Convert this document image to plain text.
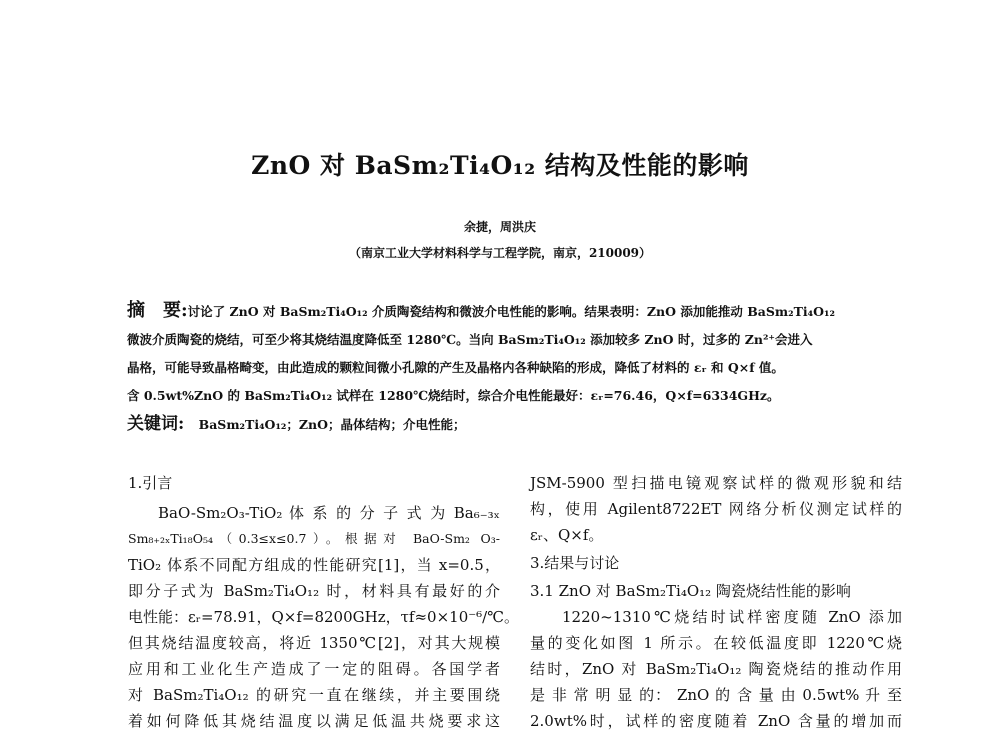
ZnO 对 BaSm₂Ti₄O₁₂ 结构及性能的影响
余捷，周洪庆
（南京工业大学材料科学与工程学院，南京，210009）
摘　要:讨论了 ZnO 对 BaSm₂Ti₄O₁₂ 介质陶瓷结构和微波介电性能的影响。结果表明：ZnO 添加能推动 BaSm₂Ti₄O₁₂
微波介质陶瓷的烧结，可至少将其烧结温度降低至 1280℃。当向 BaSm₂Ti₄O₁₂ 添加较多 ZnO 时，过多的 Zn²⁺会进入
晶格，可能导致晶格畸变，由此造成的颗粒间微小孔隙的产生及晶格内各种缺陷的形成，降低了材料的 εᵣ 和 Q×f 值。
含 0.5wt%ZnO 的 BaSm₂Ti₄O₁₂ 试样在 1280℃烧结时，综合介电性能最好：εᵣ=76.46，Q×f=6334GHz。
关键词: BaSm₂Ti₄O₁₂；ZnO；晶体结构；介电性能；
1.引言
BaO-Sm₂O₃-TiO₂ 体 系 的 分 子 式 为 Ba₆₋₃ₓ
Sm₈₊₂ₓTi₁₈O₅₄（0.3≤x≤0.7）。根据对 BaO-Sm₂ O₃-
TiO₂ 体系不同配方组成的性能研究[1]，当 x=0.5，
即分子式为 BaSm₂Ti₄O₁₂ 时，材料具有最好的介
电性能：εᵣ=78.91，Q×f=8200GHz，τf≈0×10⁻⁶/℃。
但其烧结温度较高，将近 1350℃[2]，对其大规模
应用和工业化生产造成了一定的阻碍。各国学者
对 BaSm₂Ti₄O₁₂ 的研究一直在继续，并主要围绕
着如何降低其烧结温度以满足低温共烧要求这
JSM-5900 型扫描电镜观察试样的微观形貌和结
构，使用 Agilent8722ET 网络分析仪测定试样的
εᵣ、Q×f。
3.结果与讨论
3.1 ZnO 对 BaSm₂Ti₄O₁₂ 陶瓷烧结性能的影响
1220~1310℃烧结时试样密度随 ZnO 添加
量的变化如图 1 所示。在较低温度即 1220℃烧
结时，ZnO 对 BaSm₂Ti₄O₁₂ 陶瓷烧结的推动作用
是 非 常 明 显 的： ZnO 的 含 量 由 0.5wt% 升 至
2.0wt%时，试样的密度随着 ZnO 含量的增加而
